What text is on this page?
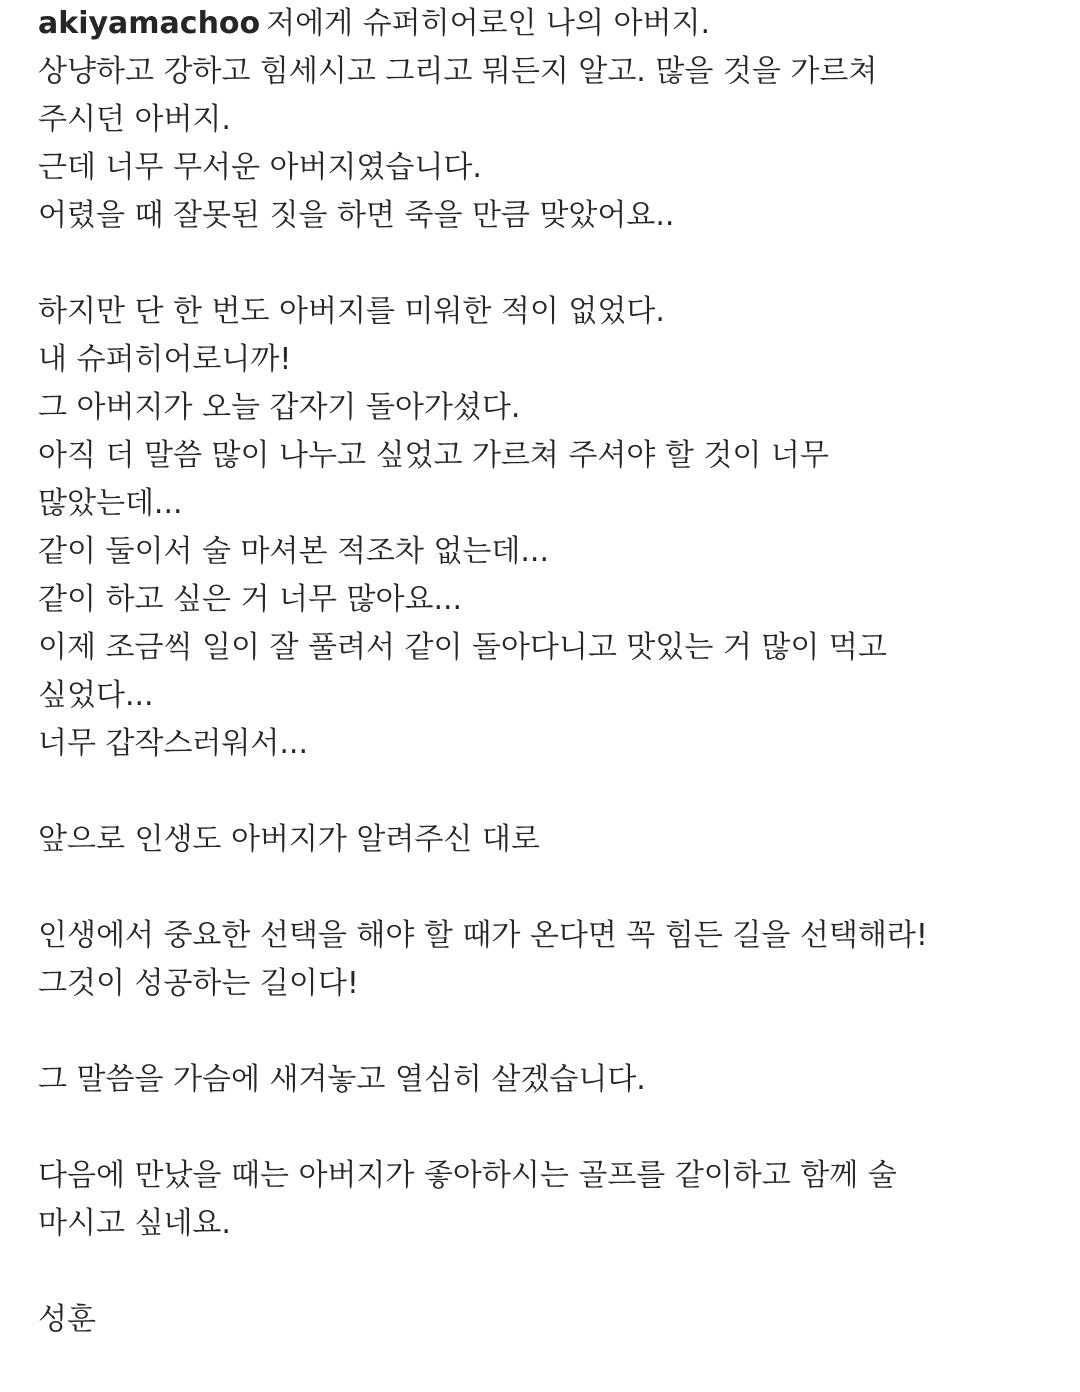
akiyamachoo 저에게 슈퍼히어로인 나의 아버지.
상냥하고 강하고 힘세시고 그리고 뭐든지 알고. 많을 것을 가르쳐
주시던 아버지.
근데 너무 무서운 아버지였습니다.
어렸을 때 잘못된 짓을 하면 죽을 만큼 맞았어요..
하지만 단 한 번도 아버지를 미워한 적이 없었다.
내 슈퍼히어로니까!
그 아버지가 오늘 갑자기 돌아가셨다.
아직 더 말씀 많이 나누고 싶었고 가르쳐 주셔야 할 것이 너무
많았는데...
같이 둘이서 술 마셔본 적조차 없는데...
같이 하고 싶은 거 너무 많아요...
이제 조금씩 일이 잘 풀려서 같이 돌아다니고 맛있는 거 많이 먹고
싶었다...
너무 갑작스러워서...
앞으로 인생도 아버지가 알려주신 대로
인생에서 중요한 선택을 해야 할 때가 온다면 꼭 힘든 길을 선택해라!
그것이 성공하는 길이다!
그 말씀을 가슴에 새겨놓고 열심히 살겠습니다.
다음에 만났을 때는 아버지가 좋아하시는 골프를 같이하고 함께 술
마시고 싶네요.
성훈
